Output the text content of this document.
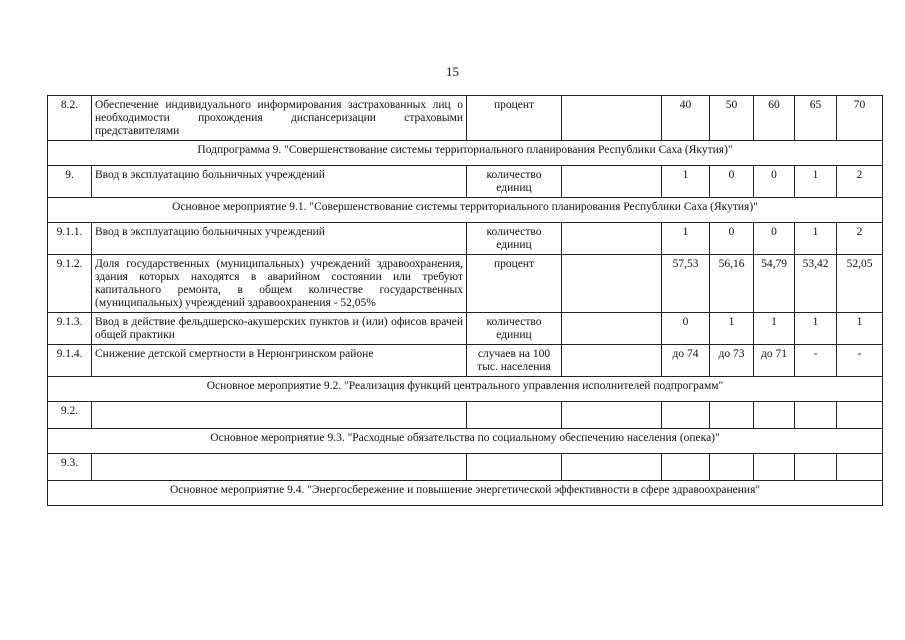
15
8.2.	Обеспечение индивидуального информирования застрахованных лиц о необходимости прохождения диспансеризации страховыми представителями	процент		40	50	60	65	70
Подпрограмма 9. "Совершенствование системы территориального планирования Республики Саха (Якутия)"								
9.	Ввод в эксплуатацию больничных учреждений	количество единиц		1	0	0	1	2
Основное мероприятие 9.1. "Совершенствование системы территориального планирования Республики Саха (Якутия)"								
9.1.1.	Ввод в эксплуатацию больничных учреждений	количество единиц		1	0	0	1	2
9.1.2.	Доля государственных (муниципальных) учреждений здравоохранения, здания которых находятся в аварийном состоянии или требуют капитального ремонта, в общем количестве государственных (муниципальных) учреждений здравоохранения - 52,05%	процент		57,53	56,16	54,79	53,42	52,05
9.1.3.	Ввод в действие фельдшерско-акушерских пунктов и (или) офисов врачей общей практики	количество единиц		0	1	1	1	1
9.1.4.	Снижение детской смертности в Нерюнгринском районе	случаев на 100 тыс. населения		до 74	до 73	до 71	-	-
Основное мероприятие 9.2. "Реализация функций центрального управления исполнителей подпрограмм"								
9.2.								
Основное мероприятие 9.3. "Расходные обязательства по социальному обеспечению населения (опека)"								
9.3.								
Основное мероприятие 9.4. "Энергосбережение и повышение энергетической эффективности в сфере здравоохранения"								
